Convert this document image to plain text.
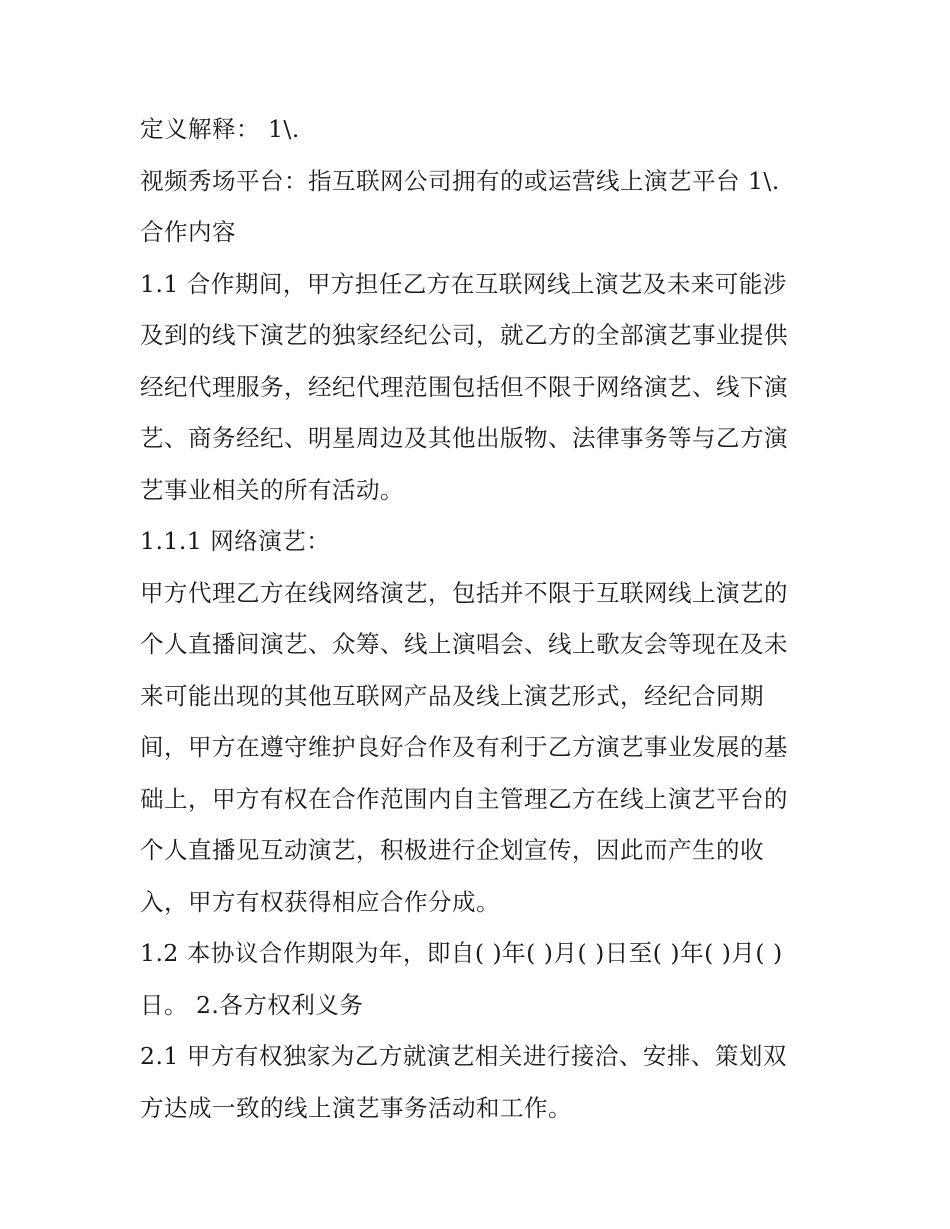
定义解释： 1\.

视频秀场平台：指互联网公司拥有的或运营线上演艺平台 1\.

合作内容

1.1 合作期间，甲方担任乙方在互联网线上演艺及未来可能涉

及到的线下演艺的独家经纪公司，就乙方的全部演艺事业提供

经纪代理服务，经纪代理范围包括但不限于网络演艺、线下演

艺、商务经纪、明星周边及其他出版物、法律事务等与乙方演

艺事业相关的所有活动。

1.1.1 网络演艺：

甲方代理乙方在线网络演艺，包括并不限于互联网线上演艺的

个人直播间演艺、众筹、线上演唱会、线上歌友会等现在及未

来可能出现的其他互联网产品及线上演艺形式，经纪合同期

间，甲方在遵守维护良好合作及有利于乙方演艺事业发展的基

础上，甲方有权在合作范围内自主管理乙方在线上演艺平台的

个人直播见互动演艺，积极进行企划宣传，因此而产生的收

入，甲方有权获得相应合作分成。

1.2 本协议合作期限为年，即自( )年( )月( )日至( )年( )月( )

日。 2.各方权利义务

2.1 甲方有权独家为乙方就演艺相关进行接洽、安排、策划双

方达成一致的线上演艺事务活动和工作。
